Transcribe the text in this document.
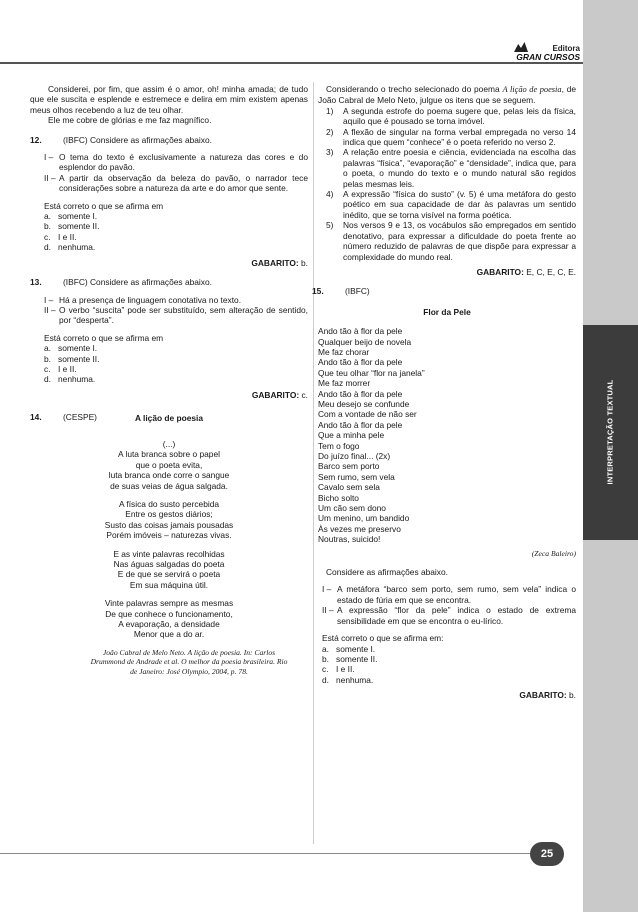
INTERPRETAÇÃO TEXTUAL
Editora
GRAN CURSOS

Considerei, por fim, que assim é o amor, oh! minha amada; de tudo que ele suscita e esplende e estremece e delira em mim existem apenas meus olhos recebendo a luz de teu olhar.

Ele me cobre de glórias e me faz magnífico.

12.	(IBFC) Considere as afirmações abaixo.
I – O tema do texto é exclusivamente a natureza das cores e do esplendor do pavão.
II – A partir da observação da beleza do pavão, o narrador tece considerações sobre a natureza da arte e do amor que sente.

Está correto o que se afirma em

a. somente I.
b. somente II.
c. I e II.
d. nenhuma.
GABARITO: b.
13.	(IBFC) Considere as afirmações abaixo.
I – Há a presença de linguagem conotativa no texto.
II – O verbo “suscita” pode ser substituído, sem alteração de sentido, por “desperta”.

Está correto o que se afirma em

a. somente I.
b. somente II.
c. I e II.
d. nenhuma.
GABARITO: c.
14.	(CESPE)	A lição de poesia
(...)
A luta branca sobre o papel
que o poeta evita,
luta branca onde corre o sangue
de suas veias de água salgada.
A física do susto percebida
Entre os gestos diários;
Susto das coisas jamais pousadas
Porém imóveis – naturezas vivas.
E as vinte palavras recolhidas
Nas águas salgadas do poeta
E de que se servirá o poeta
Em sua máquina útil.
Vinte palavras sempre as mesmas
De que conhece o funcionamento,
A evaporação, a densidade
Menor que a do ar.
João Cabral de Melo Neto. A lição de poesia. In: Carlos Drummond de Andrade et al. O melhor da poesia brasileira. Rio de Janeiro: José Olympio, 2004, p. 78.

Considerando o trecho selecionado do poema A lição de poesia, de João Cabral de Melo Neto, julgue os itens que se seguem.

1)	A segunda estrofe do poema sugere que, pelas leis da física, aquilo que é pousado se torna imóvel.
2)	A flexão de singular na forma verbal empregada no verso 14 indica que quem “conhece” é o poeta referido no verso 2.
3)	A relação entre poesia e ciência, evidenciada na escolha das palavras “física”, “evaporação” e “densidade”, indica que, para o poeta, o mundo do texto e o mundo natural são regidos pelas mesmas leis.
4)	A expressão “física do susto” (v. 5) é uma metáfora do gesto poético em sua capacidade de dar às palavras um sentido inédito, que se torna visível na forma poética.
5)	Nos versos 9 e 13, os vocábulos são empregados em sentido denotativo, para expressar a dificuldade do poeta frente ao número reduzido de palavras de que dispõe para expressar a complexidade do mundo real.
GABARITO: E, C, E, C, E.
15.	(IBFC)
Flor da Pele
Ando tão à flor da pele
Qualquer beijo de novela
Me faz chorar
Ando tão à flor da pele
Que teu olhar “flor na janela”
Me faz morrer
Ando tão à flor da pele
Meu desejo se confunde
Com a vontade de não ser
Ando tão à flor da pele
Que a minha pele
Tem o fogo
Do juízo final... (2x)
Barco sem porto
Sem rumo, sem vela
Cavalo sem sela
Bicho solto
Um cão sem dono
Um menino, um bandido
Às vezes me preservo
Noutras, suicido!
(Zeca Baleiro)

Considere as afirmações abaixo.

I – A metáfora “barco sem porto, sem rumo, sem vela” indica o estado de fúria em que se encontra.
II – A expressão “flor da pele” indica o estado de extrema sensibilidade em que se encontra o eu-lírico.

Está correto o que se afirma em:

a. somente I.
b. somente II.
c. I e II.
d. nenhuma.
GABARITO: b.
25
